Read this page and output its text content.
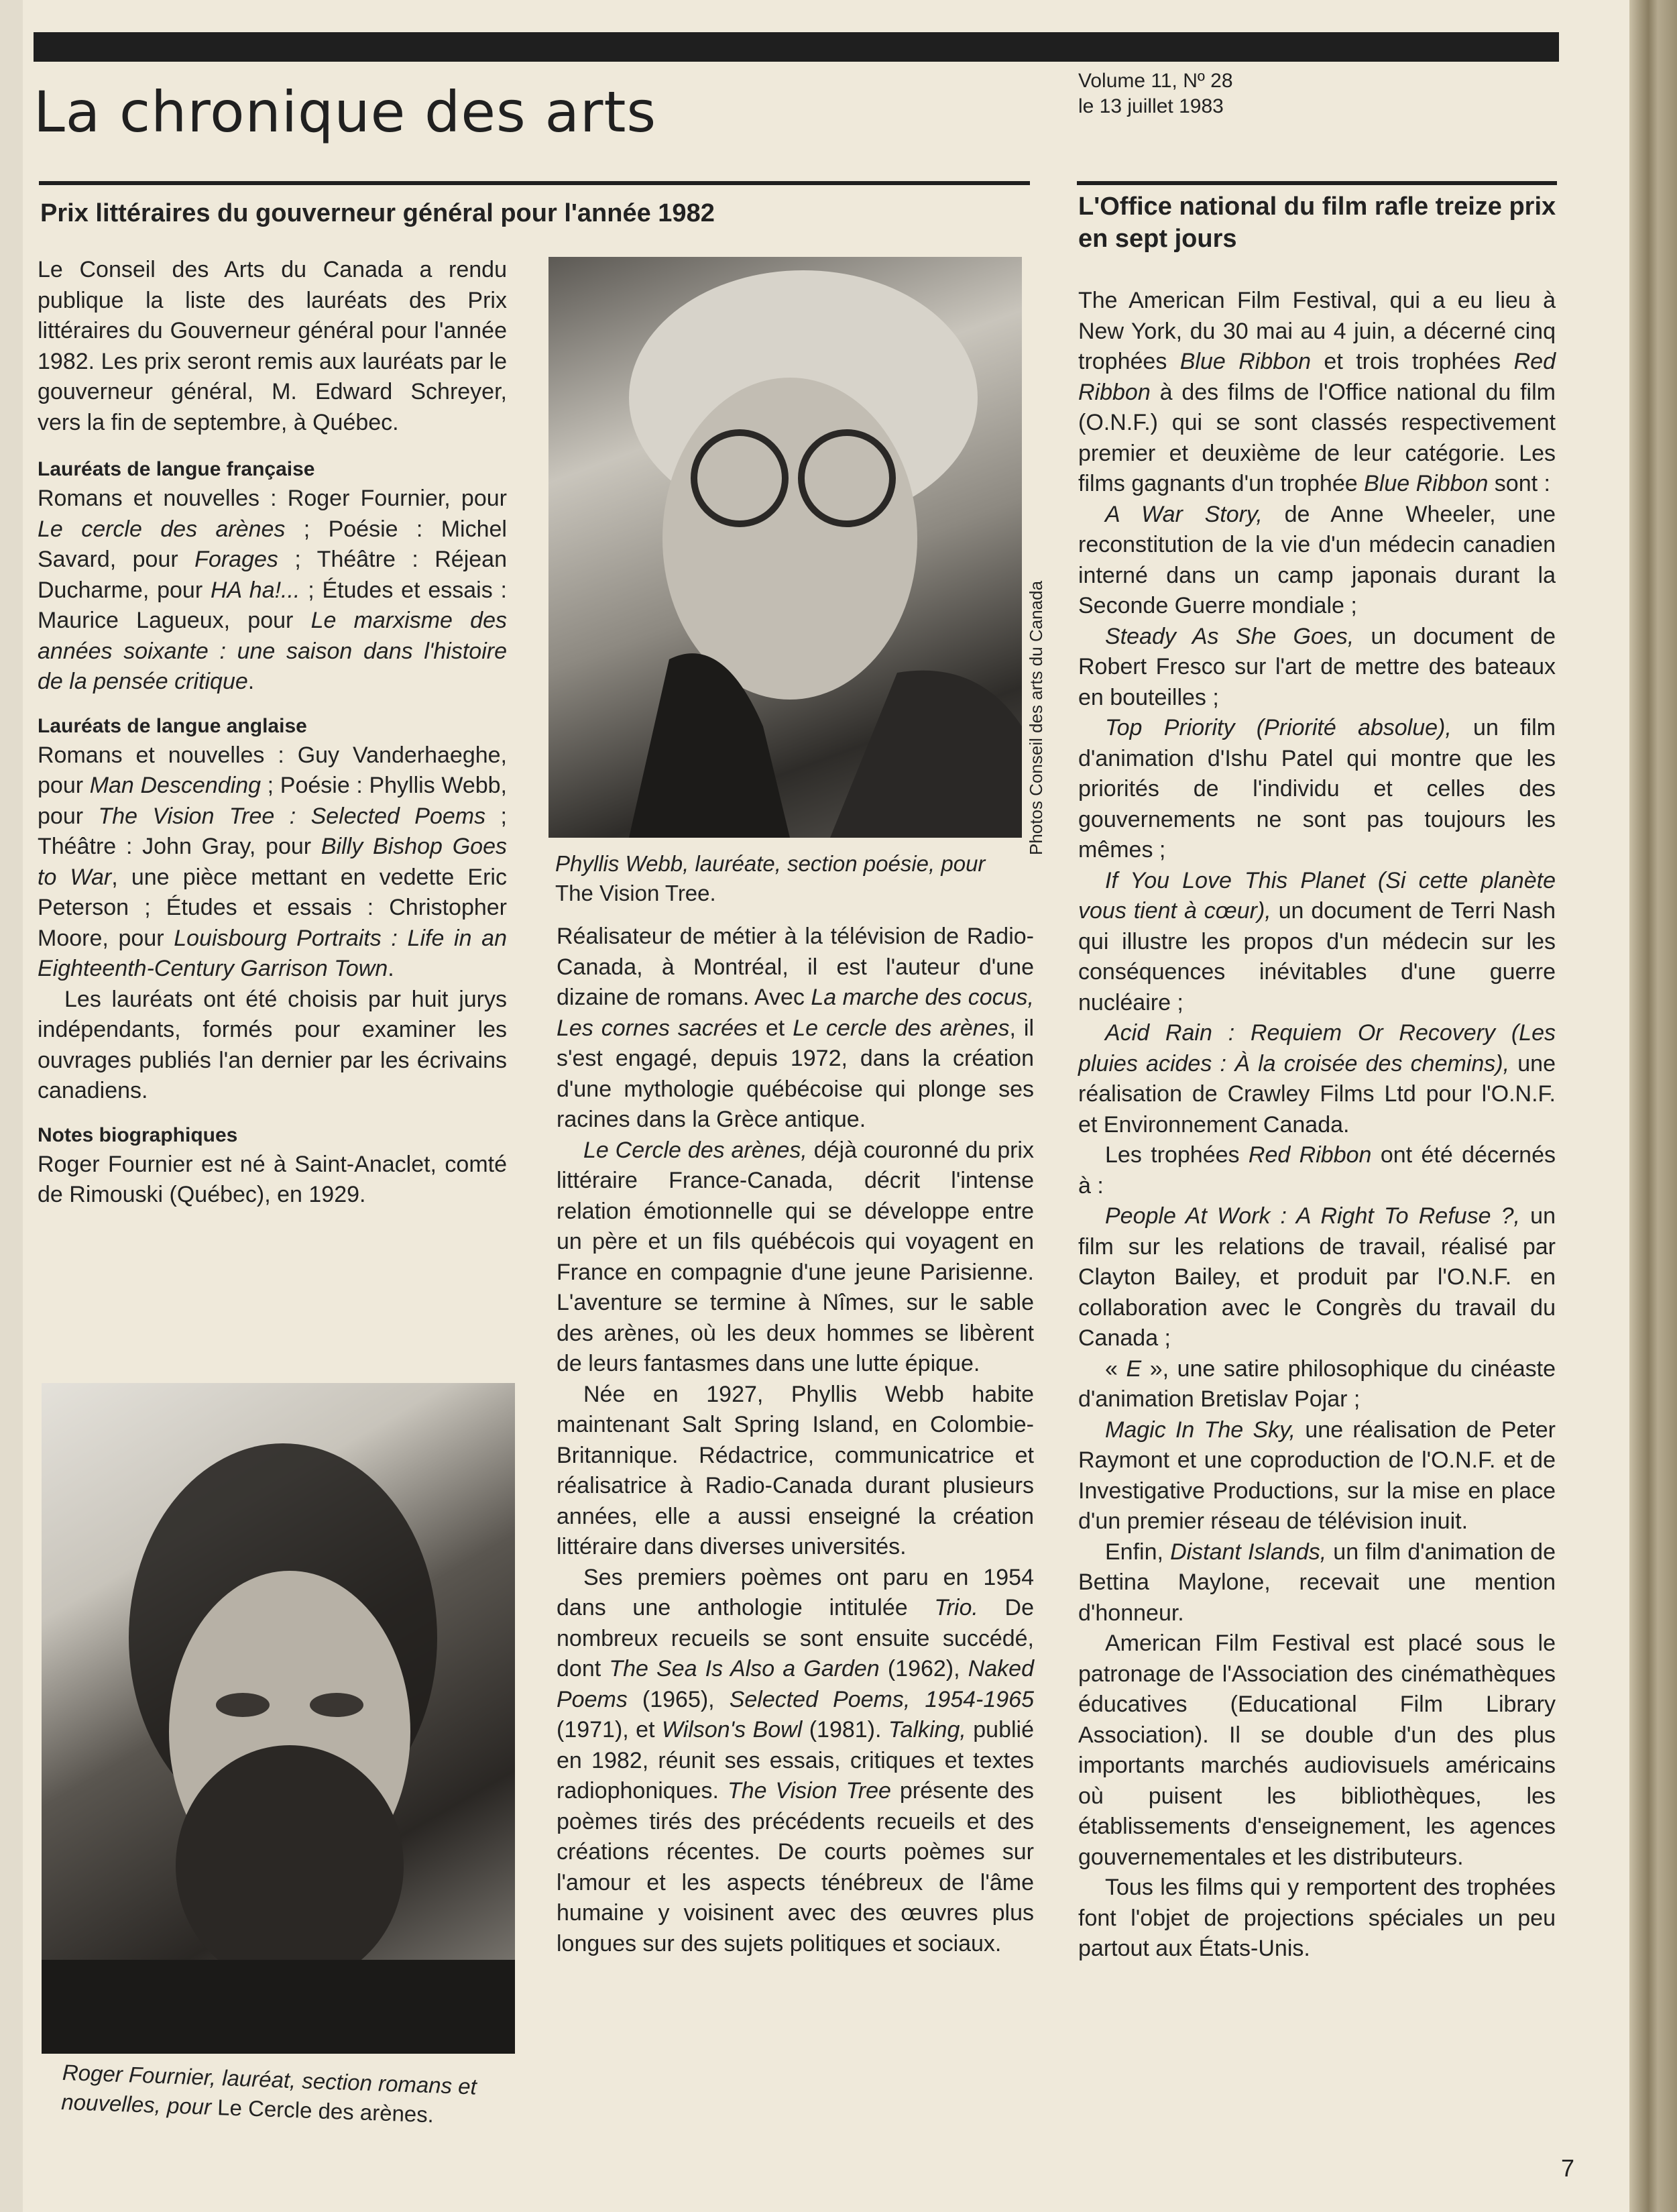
La chronique des arts	Volume 11, Nº 28
le 13 juillet 1983
Prix littéraires du gouverneur général pour l'année 1982

Le Conseil des Arts du Canada a rendu publique la liste des lauréats des Prix littéraires du Gouverneur général pour l'année 1982. Les prix seront remis aux lauréats par le gouverneur général, M. Edward Schreyer, vers la fin de septembre, à Québec.

Lauréats de langue française

Romans et nouvelles : Roger Fournier, pour Le cercle des arènes ; Poésie : Michel Savard, pour Forages ; Théâtre : Réjean Ducharme, pour HA ha!... ; Études et essais : Maurice Lagueux, pour Le marxisme des années soixante : une saison dans l'histoire de la pensée critique.

Lauréats de langue anglaise

Romans et nouvelles : Guy Vanderhaeghe, pour Man Descending ; Poésie : Phyllis Webb, pour The Vision Tree : Selected Poems ; Théâtre : John Gray, pour Billy Bishop Goes to War, une pièce mettant en vedette Eric Peterson ; Études et essais : Christopher Moore, pour Louisbourg Portraits : Life in an Eighteenth-Century Garrison Town.

Les lauréats ont été choisis par huit jurys indépendants, formés pour examiner les ouvrages publiés l'an dernier par les écrivains canadiens.

Notes biographiques

Roger Fournier est né à Saint-Anaclet, comté de Rimouski (Québec), en 1929.

Roger Fournier, lauréat, section romans et nouvelles, pour Le Cercle des arènes.
Photos Conseil des arts du Canada
Phyllis Webb, lauréate, section poésie, pour The Vision Tree.

Réalisateur de métier à la télévision de Radio-Canada, à Montréal, il est l'auteur d'une dizaine de romans. Avec La marche des cocus, Les cornes sacrées et Le cercle des arènes, il s'est engagé, depuis 1972, dans la création d'une mythologie québécoise qui plonge ses racines dans la Grèce antique.

Le Cercle des arènes, déjà couronné du prix littéraire France-Canada, décrit l'intense relation émotionnelle qui se développe entre un père et un fils québécois qui voyagent en France en compagnie d'une jeune Parisienne. L'aventure se termine à Nîmes, sur le sable des arènes, où les deux hommes se libèrent de leurs fantasmes dans une lutte épique.

Née en 1927, Phyllis Webb habite maintenant Salt Spring Island, en Colombie-Britannique. Rédactrice, communicatrice et réalisatrice à Radio-Canada durant plusieurs années, elle a aussi enseigné la création littéraire dans diverses universités.

Ses premiers poèmes ont paru en 1954 dans une anthologie intitulée Trio. De nombreux recueils se sont ensuite succédé, dont The Sea Is Also a Garden (1962), Naked Poems (1965), Selected Poems, 1954-1965 (1971), et Wilson's Bowl (1981). Talking, publié en 1982, réunit ses essais, critiques et textes radiophoniques. The Vision Tree présente des poèmes tirés des précédents recueils et des créations récentes. De courts poèmes sur l'amour et les aspects ténébreux de l'âme humaine y voisinent avec des œuvres plus longues sur des sujets politiques et sociaux.

L'Office national du film rafle treize prix en sept jours

The American Film Festival, qui a eu lieu à New York, du 30 mai au 4 juin, a décerné cinq trophées Blue Ribbon et trois trophées Red Ribbon à des films de l'Office national du film (O.N.F.) qui se sont classés respectivement premier et deuxième de leur catégorie. Les films gagnants d'un trophée Blue Ribbon sont :

A War Story, de Anne Wheeler, une reconstitution de la vie d'un médecin canadien interné dans un camp japonais durant la Seconde Guerre mondiale ;

Steady As She Goes, un document de Robert Fresco sur l'art de mettre des bateaux en bouteilles ;

Top Priority (Priorité absolue), un film d'animation d'Ishu Patel qui montre que les priorités de l'individu et celles des gouvernements ne sont pas toujours les mêmes ;

If You Love This Planet (Si cette planète vous tient à cœur), un document de Terri Nash qui illustre les propos d'un médecin sur les conséquences inévitables d'une guerre nucléaire ;

Acid Rain : Requiem Or Recovery (Les pluies acides : À la croisée des chemins), une réalisation de Crawley Films Ltd pour l'O.N.F. et Environnement Canada.

Les trophées Red Ribbon ont été décernés à :

People At Work : A Right To Refuse ?, un film sur les relations de travail, réalisé par Clayton Bailey, et produit par l'O.N.F. en collaboration avec le Congrès du travail du Canada ;

« E », une satire philosophique du cinéaste d'animation Bretislav Pojar ;

Magic In The Sky, une réalisation de Peter Raymont et une coproduction de l'O.N.F. et de Investigative Productions, sur la mise en place d'un premier réseau de télévision inuit.

Enfin, Distant Islands, un film d'animation de Bettina Maylone, recevait une mention d'honneur.

American Film Festival est placé sous le patronage de l'Association des cinémathèques éducatives (Educational Film Library Association). Il se double d'un des plus importants marchés audiovisuels américains où puisent les bibliothèques, les établissements d'enseignement, les agences gouvernementales et les distributeurs.

Tous les films qui y remportent des trophées font l'objet de projections spéciales un peu partout aux États-Unis.

7
